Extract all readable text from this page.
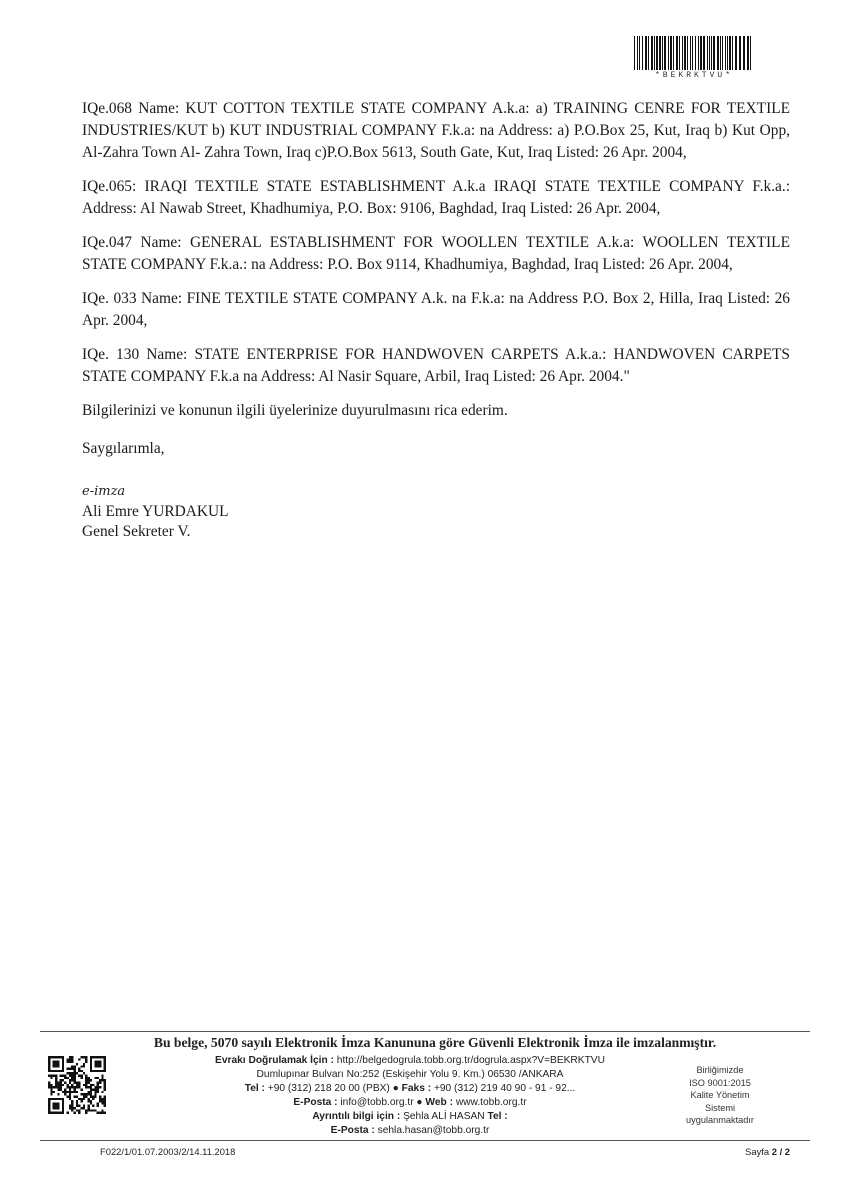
*BEKRKTVU*

IQe.068 Name: KUT COTTON TEXTILE STATE COMPANY A.k.a: a) TRAINING CENRE FOR TEXTILE INDUSTRIES/KUT b) KUT INDUSTRIAL COMPANY F.k.a: na Address: a) P.O.Box 25, Kut, Iraq b) Kut Opp, Al-Zahra Town Al- Zahra Town, Iraq c)P.O.Box 5613, South Gate, Kut, Iraq Listed: 26 Apr. 2004,

IQe.065: IRAQI TEXTILE STATE ESTABLISHMENT A.k.a IRAQI STATE TEXTILE COMPANY F.k.a.: Address: Al Nawab Street, Khadhumiya, P.O. Box: 9106, Baghdad, Iraq Listed: 26 Apr. 2004,

IQe.047 Name: GENERAL ESTABLISHMENT FOR WOOLLEN TEXTILE A.k.a: WOOLLEN TEXTILE STATE COMPANY F.k.a.: na Address: P.O. Box 9114, Khadhumiya, Baghdad, Iraq Listed: 26 Apr. 2004,

IQe. 033 Name: FINE TEXTILE STATE COMPANY A.k. na F.k.a: na Address P.O. Box 2, Hilla, Iraq Listed: 26 Apr. 2004,

IQe. 130 Name: STATE ENTERPRISE FOR HANDWOVEN CARPETS A.k.a.: HANDWOVEN CARPETS STATE COMPANY F.k.a na Address: Al Nasir Square, Arbil, Iraq Listed: 26 Apr. 2004."

Bilgilerinizi ve konunun ilgili üyelerinize duyurulmasını rica ederim.

Saygılarımla,

e-imza
Ali Emre YURDAKUL
Genel Sekreter V.
Bu belge, 5070 sayılı Elektronik İmza Kanununa göre Güvenli Elektronik İmza ile imzalanmıştır.
Evrakı Doğrulamak İçin : http://belgedogrula.tobb.org.tr/dogrula.aspx?V=BEKRKTVU
Dumlupınar Bulvarı No:252 (Eskişehir Yolu 9. Km.) 06530 /ANKARA
Tel : +90 (312) 218 20 00 (PBX) ● Faks : +90 (312) 219 40 90 - 91 - 92...
E-Posta : info@tobb.org.tr ● Web : www.tobb.org.tr
Ayrıntılı bilgi için : Şehla ALİ HASAN Tel :
E-Posta : sehla.hasan@tobb.org.tr
Birliğimizde
ISO 9001:2015
Kalite Yönetim
Sistemi
uygulanmaktadır
F022/1/01.07.2003/2/14.11.2018	Sayfa 2 / 2
